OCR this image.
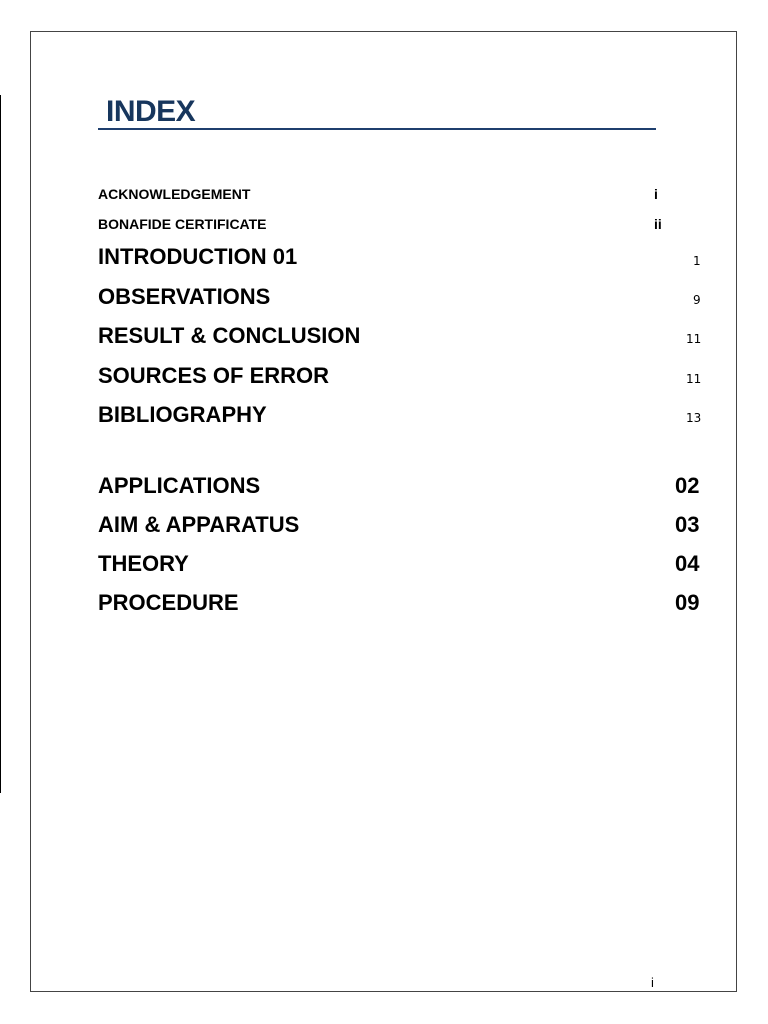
INDEX
ACKNOWLEDGEMENT	i
BONAFIDE CERTIFICATE	ii
INTRODUCTION 01	1
OBSERVATIONS	9
RESULT & CONCLUSION	11
SOURCES OF ERROR	11
BIBLIOGRAPHY	13
APPLICATIONS	02
AIM & APPARATUS	03
THEORY	04
PROCEDURE	09
i
